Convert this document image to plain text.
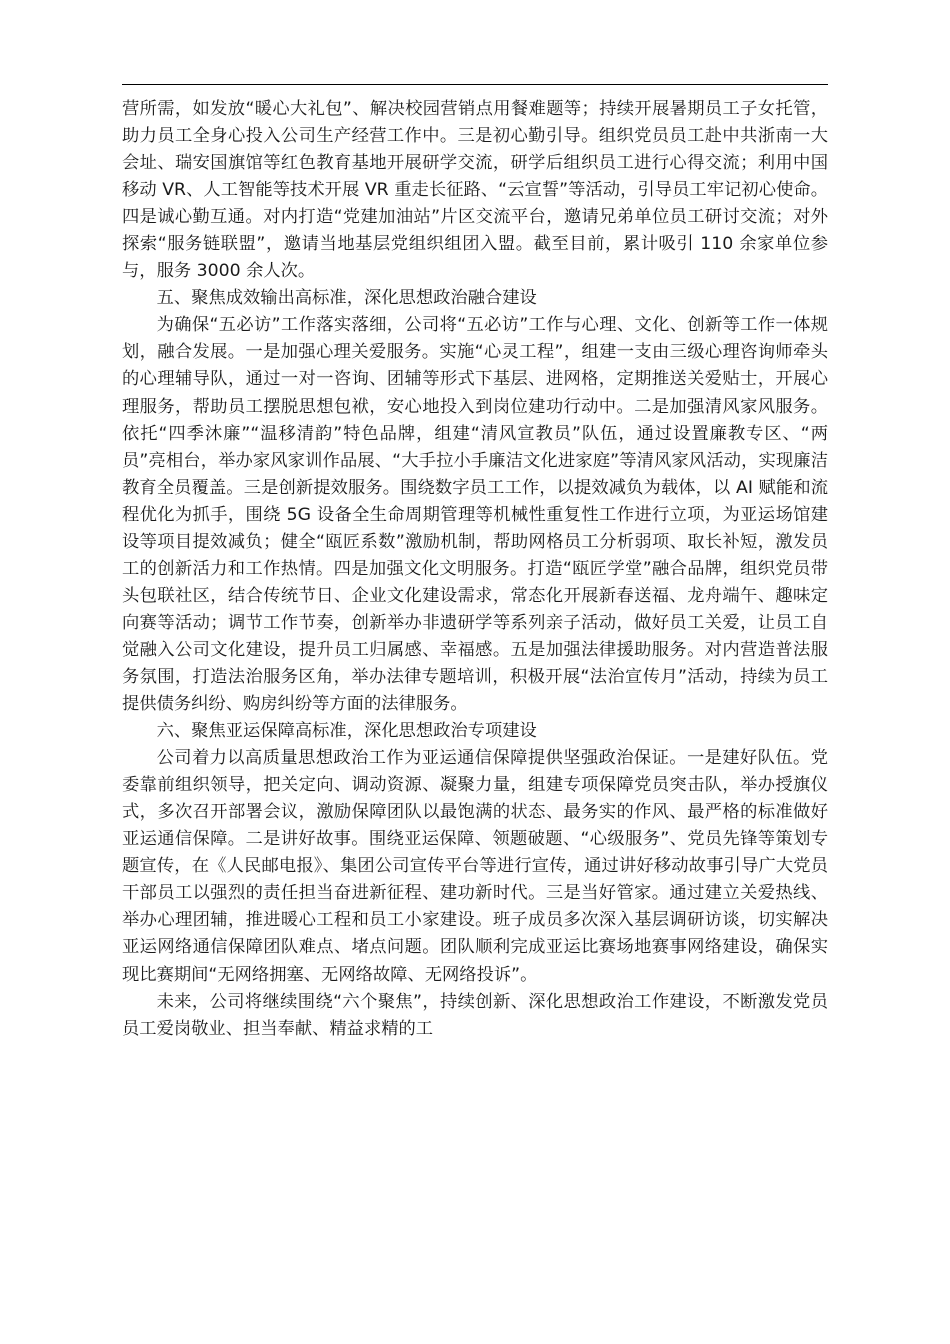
营所需，如发放“暖心大礼包”、解决校园营销点用餐难题等；持续开展暑期员工子女托管，助力员工全身心投入公司生产经营工作中。三是初心勤引导。组织党员员工赴中共浙南一大会址、瑞安国旗馆等红色教育基地开展研学交流，研学后组织员工进行心得交流；利用中国移动 VR、人工智能等技术开展 VR 重走长征路、“云宣誓”等活动，引导员工牢记初心使命。四是诚心勤互通。对内打造“党建加油站”片区交流平台，邀请兄弟单位员工研讨交流；对外探索“服务链联盟”，邀请当地基层党组织组团入盟。截至目前，累计吸引 110 余家单位参与，服务 3000 余人次。

五、聚焦成效输出高标准，深化思想政治融合建设

为确保“五必访”工作落实落细，公司将“五必访”工作与心理、文化、创新等工作一体规划，融合发展。一是加强心理关爱服务。实施“心灵工程”，组建一支由三级心理咨询师牵头的心理辅导队，通过一对一咨询、团辅等形式下基层、进网格，定期推送关爱贴士，开展心理服务，帮助员工摆脱思想包袱，安心地投入到岗位建功行动中。二是加强清风家风服务。依托“四季沐廉”“温移清韵”特色品牌，组建“清风宣教员”队伍，通过设置廉教专区、“两员”亮相台，举办家风家训作品展、“大手拉小手廉洁文化进家庭”等清风家风活动，实现廉洁教育全员覆盖。三是创新提效服务。围绕数字员工工作，以提效减负为载体，以 AI 赋能和流程优化为抓手，围绕 5G 设备全生命周期管理等机械性重复性工作进行立项，为亚运场馆建设等项目提效减负；健全“瓯匠系数”激励机制，帮助网格员工分析弱项、取长补短，激发员工的创新活力和工作热情。四是加强文化文明服务。打造“瓯匠学堂”融合品牌，组织党员带头包联社区，结合传统节日、企业文化建设需求，常态化开展新春送福、龙舟端午、趣味定向赛等活动；调节工作节奏，创新举办非遗研学等系列亲子活动，做好员工关爱，让员工自觉融入公司文化建设，提升员工归属感、幸福感。五是加强法律援助服务。对内营造普法服务氛围，打造法治服务区角，举办法律专题培训，积极开展“法治宣传月”活动，持续为员工提供债务纠纷、购房纠纷等方面的法律服务。

六、聚焦亚运保障高标准，深化思想政治专项建设

公司着力以高质量思想政治工作为亚运通信保障提供坚强政治保证。一是建好队伍。党委靠前组织领导，把关定向、调动资源、凝聚力量，组建专项保障党员突击队，举办授旗仪式，多次召开部署会议，激励保障团队以最饱满的状态、最务实的作风、最严格的标准做好亚运通信保障。二是讲好故事。围绕亚运保障、领题破题、“心级服务”、党员先锋等策划专题宣传，在《人民邮电报》、集团公司宣传平台等进行宣传，通过讲好移动故事引导广大党员干部员工以强烈的责任担当奋进新征程、建功新时代。三是当好管家。通过建立关爱热线、举办心理团辅，推进暖心工程和员工小家建设。班子成员多次深入基层调研访谈，切实解决亚运网络通信保障团队难点、堵点问题。团队顺利完成亚运比赛场地赛事网络建设，确保实现比赛期间“无网络拥塞、无网络故障、无网络投诉”。

未来，公司将继续围绕“六个聚焦”，持续创新、深化思想政治工作建设，不断激发党员员工爱岗敬业、担当奉献、精益求精的工
